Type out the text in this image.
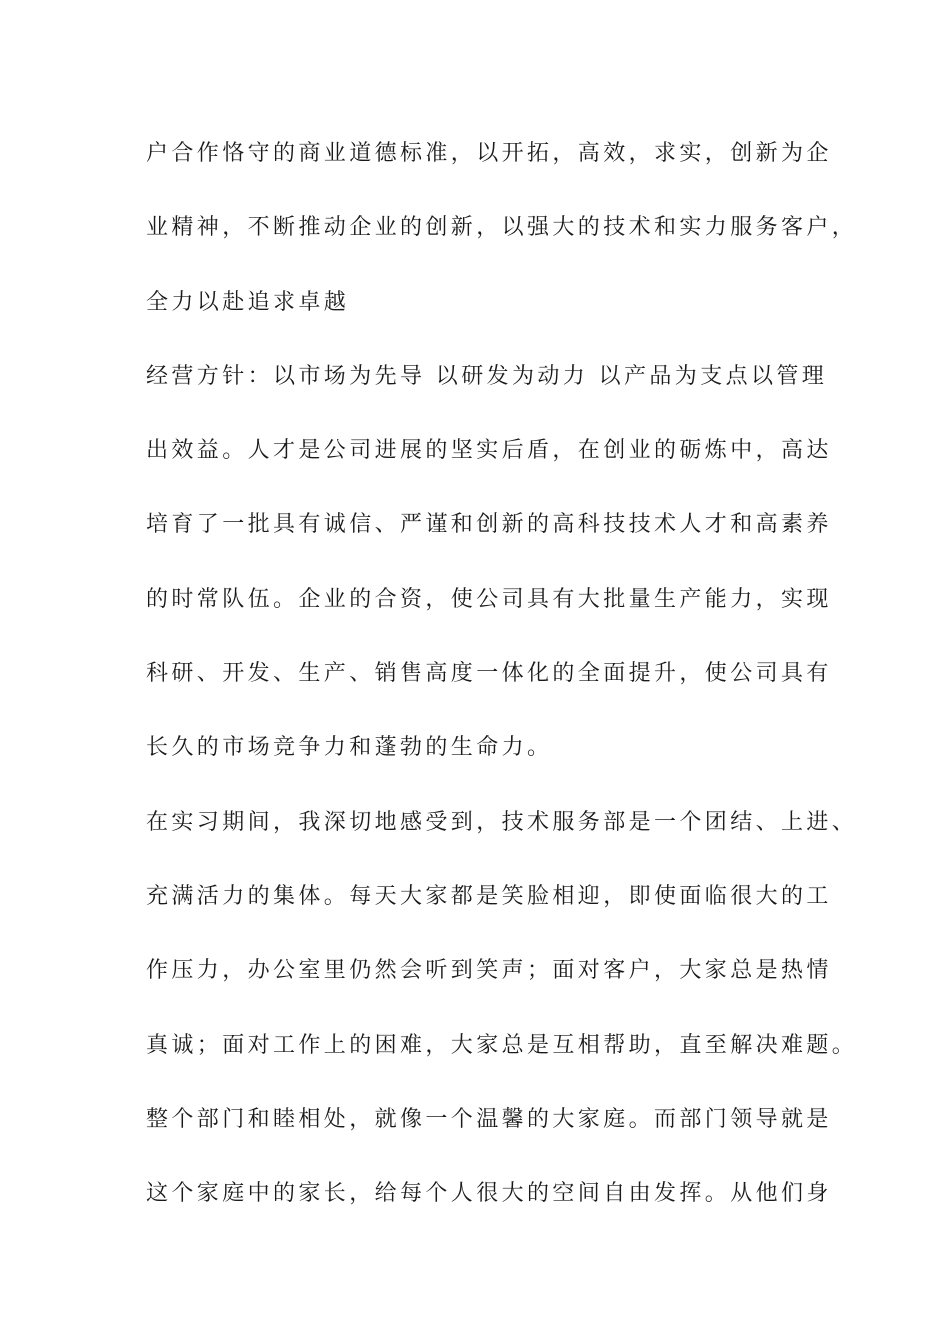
户合作恪守的商业道德标准，以开拓，高效，求实，创新为企
业精神，不断推动企业的创新，以强大的技术和实力服务客户，
全力以赴追求卓越
经营方针：以市场为先导 以研发为动力 以产品为支点以管理
出效益。人才是公司进展的坚实后盾，在创业的砺炼中，高达
培育了一批具有诚信、严谨和创新的高科技技术人才和高素养
的时常队伍。企业的合资，使公司具有大批量生产能力，实现
科研、开发、生产、销售高度一体化的全面提升，使公司具有
长久的市场竞争力和蓬勃的生命力。
在实习期间，我深切地感受到，技术服务部是一个团结、上进、
充满活力的集体。每天大家都是笑脸相迎，即使面临很大的工
作压力，办公室里仍然会听到笑声；面对客户，大家总是热情
真诚；面对工作上的困难，大家总是互相帮助，直至解决难题。
整个部门和睦相处，就像一个温馨的大家庭。而部门领导就是
这个家庭中的家长，给每个人很大的空间自由发挥。从他们身
